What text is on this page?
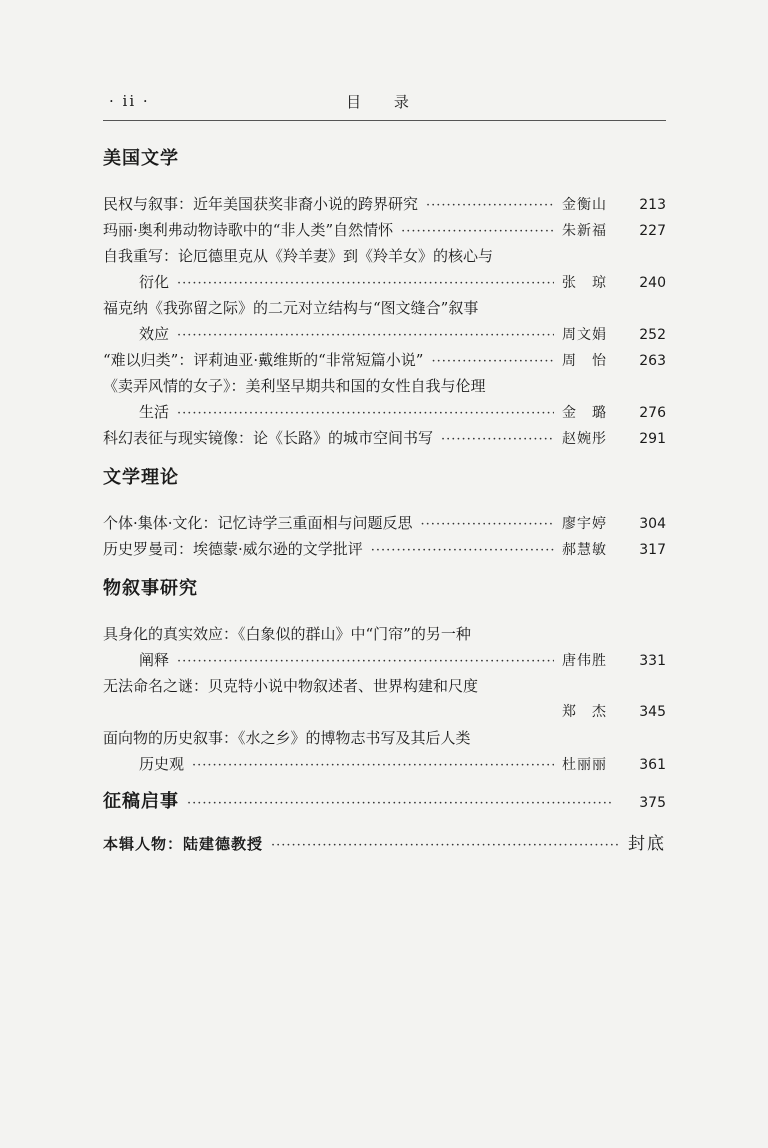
· ii ·	目 录
美国文学
民权与叙事：近年美国获奖非裔小说的跨界研究 ·····	金衡山	213
玛丽·奥利弗动物诗歌中的“非人类”自然情怀 ·····	朱新福	227
自我重写：论厄德里克从《羚羊妻》到《羚羊女》的核心与
衍化 ·····	张　琼	240
福克纳《我弥留之际》的二元对立结构与“图文缝合”叙事
效应 ·····	周文娟	252
“难以归类”：评莉迪亚·戴维斯的“非常短篇小说” ·····	周　怡	263
《卖弄风情的女子》：美利坚早期共和国的女性自我与伦理
生活 ·····	金　璐	276
科幻表征与现实镜像：论《长路》的城市空间书写 ·····	赵婉彤	291
文学理论
个体·集体·文化：记忆诗学三重面相与问题反思 ·····	廖宇婷	304
历史罗曼司：埃德蒙·威尔逊的文学批评 ·····	郝慧敏	317
物叙事研究
具身化的真实效应：《白象似的群山》中“门帘”的另一种
阐释 ·····	唐伟胜	331
无法命名之谜：贝克特小说中物叙述者、世界构建和尺度
郑　杰	345
面向物的历史叙事：《水之乡》的博物志书写及其后人类
历史观 ·····	杜丽丽	361
征稿启事 ·····	375
本辑人物：陆建德教授 ·····	封底
